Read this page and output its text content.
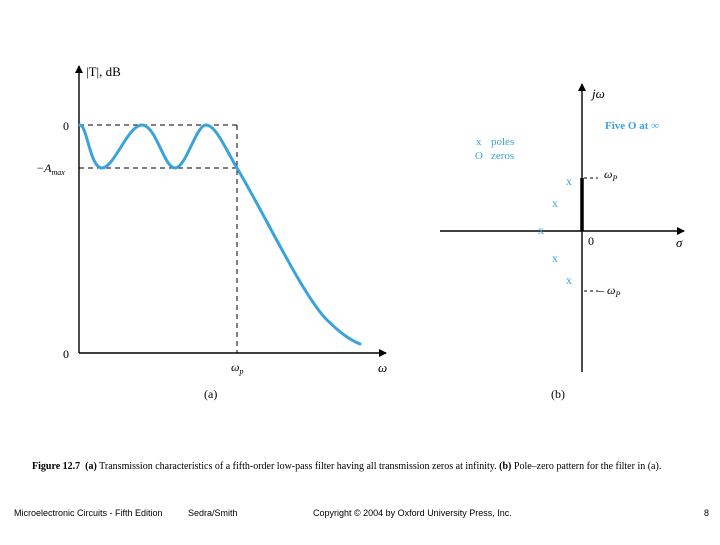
|T|, dB
0
$-A_{max}$
0
$\omega_p$	ω
(a)
x poles
O zeros
Five O at ∞
x
x
x
x
x
jω
σ
0
$\omega_P$
– $\omega_P$
(b)
Figure 12.7 (a) Transmission characteristics of a fifth-order low-pass filter having all transmission zeros at infinity. (b) Pole–zero pattern for the filter in (a).
Microelectronic Circuits - Fifth Edition	Sedra/Smith	Copyright © 2004 by Oxford University Press, Inc.	8
